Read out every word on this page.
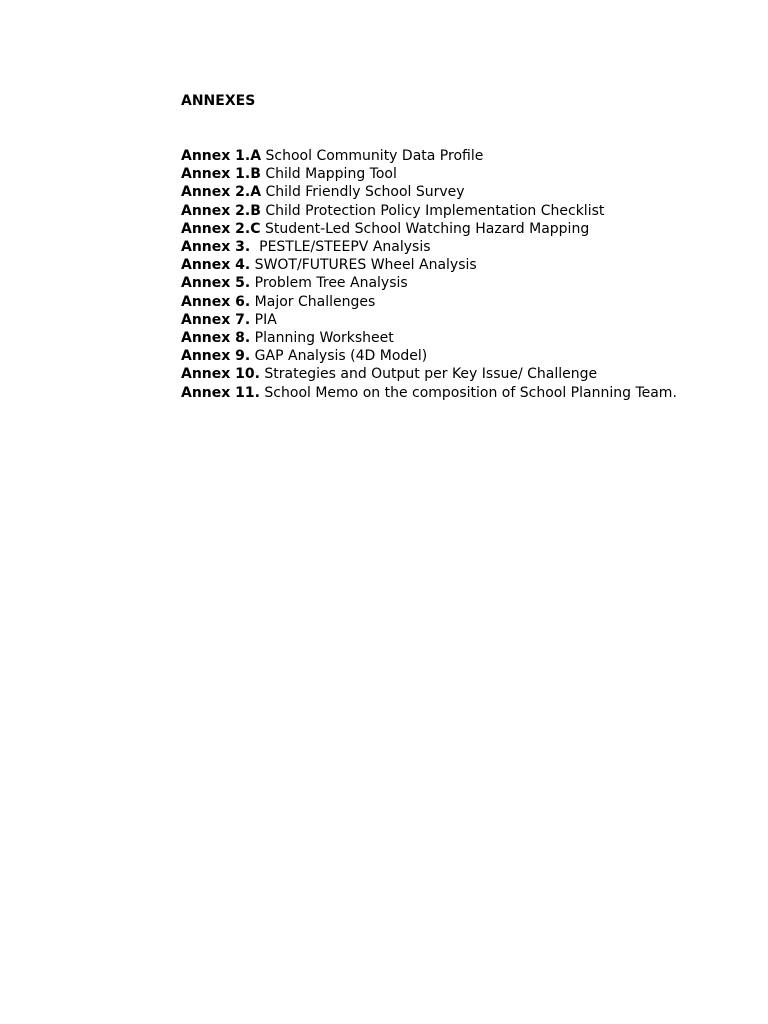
ANNEXES
Annex 1.A School Community Data Profile
Annex 1.B Child Mapping Tool
Annex 2.A Child Friendly School Survey
Annex 2.B Child Protection Policy Implementation Checklist
Annex 2.C Student-Led School Watching Hazard Mapping
Annex 3.  PESTLE/STEEPV Analysis
Annex 4. SWOT/FUTURES Wheel Analysis
Annex 5. Problem Tree Analysis
Annex 6. Major Challenges
Annex 7. PIA
Annex 8. Planning Worksheet
Annex 9. GAP Analysis (4D Model)
Annex 10. Strategies and Output per Key Issue/ Challenge
Annex 11. School Memo on the composition of School Planning Team.
